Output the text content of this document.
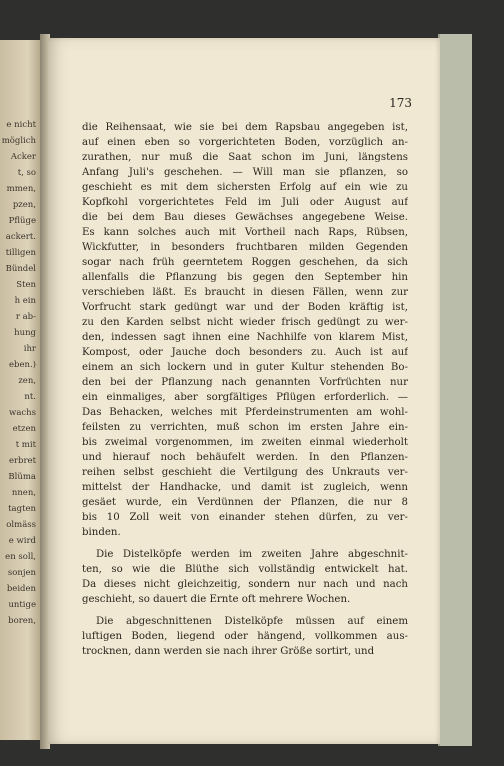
e nicht
möglich
Acker
t, so
mmen,
pzen,
Pflüge
ackert.
tilligen
Bündel
Sten
h ein
r ab-
hung
ihr
eben.)
zen,
nt.
wachs
etzen
t mit
erbret
Blüma
nnen,
tagten
olmäss
e wird
en soll,
sonjen
beiden
untige
boren,
173
die Reihensaat, wie sie bei dem Rapsbau angegeben ist,
auf einen eben so vorgerichteten Boden, vorzüglich an-
zurathen, nur muß die Saat schon im Juni, längstens
Anfang Juli's geschehen. — Will man sie pflanzen, so
geschieht es mit dem sichersten Erfolg auf ein wie zu
Kopfkohl vorgerichtetes Feld im Juli oder August auf
die bei dem Bau dieses Gewächses angegebene Weise.
Es kann solches auch mit Vortheil nach Raps, Rübsen,
Wickfutter, in besonders fruchtbaren milden Gegenden
sogar nach früh geerntetem Roggen geschehen, da sich
allenfalls die Pflanzung bis gegen den September hin
verschieben läßt. Es braucht in diesen Fällen, wenn zur
Vorfrucht stark gedüngt war und der Boden kräftig ist,
zu den Karden selbst nicht wieder frisch gedüngt zu wer-
den, indessen sagt ihnen eine Nachhilfe von klarem Mist,
Kompost, oder Jauche doch besonders zu. Auch ist auf
einem an sich lockern und in guter Kultur stehenden Bo-
den bei der Pflanzung nach genannten Vorfrüchten nur
ein einmaliges, aber sorgfältiges Pflügen erforderlich. —
Das Behacken, welches mit Pferdeinstrumenten am wohl-
feilsten zu verrichten, muß schon im ersten Jahre ein-
bis zweimal vorgenommen, im zweiten einmal wiederholt
und hierauf noch behäufelt werden. In den Pflanzen-
reihen selbst geschieht die Vertilgung des Unkrauts ver-
mittelst der Handhacke, und damit ist zugleich, wenn
gesäet wurde, ein Verdünnen der Pflanzen, die nur 8
bis 10 Zoll weit von einander stehen dürfen, zu ver-
binden.
Die Distelköpfe werden im zweiten Jahre abgeschnit-
ten, so wie die Blüthe sich vollständig entwickelt hat.
Da dieses nicht gleichzeitig, sondern nur nach und nach
geschieht, so dauert die Ernte oft mehrere Wochen.
Die abgeschnittenen Distelköpfe müssen auf einem
luftigen Boden, liegend oder hängend, vollkommen aus-
trocknen, dann werden sie nach ihrer Größe sortirt, und
